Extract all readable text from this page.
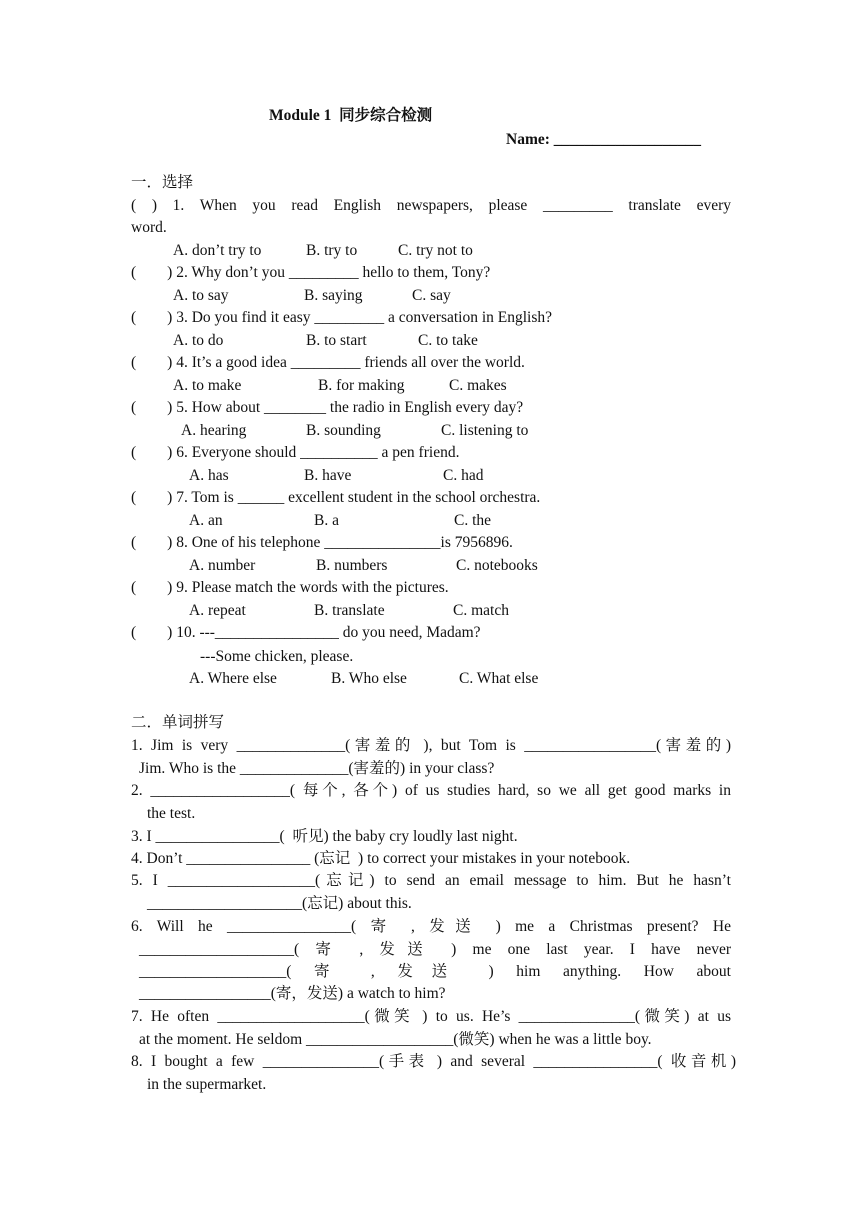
Module 1  同步综合检测
Name: ___________________
一．选择
( ) 1. When you read English newspapers, please _________ translate every
word.
A. don’t try to	B. try to	C. try not to
(        ) 2. Why don’t you _________ hello to them, Tony?
A. to say	B. saying	C. say
(        ) 3. Do you find it easy _________ a conversation in English?
A. to do	B. to start	C. to take
(        ) 4. It’s a good idea _________ friends all over the world.
A. to make	B. for making	C. makes
(        ) 5. How about ________ the radio in English every day?
A. hearing	B. sounding	C. listening to
(        ) 6. Everyone should __________ a pen friend.
A. has	B. have	C. had
(        ) 7. Tom is ______ excellent student in the school orchestra.
A. an	B. a	C. the
(        ) 8. One of his telephone _______________is 7956896.
A. number	B. numbers	C. notebooks
(        ) 9. Please match the words with the pictures.
A. repeat	B. translate	C. match
(        ) 10. ---________________ do you need, Madam?
---Some chicken, please.
A. Where else	B. Who else	C. What else
二．单词拼写
1. Jim is very ______________(害羞的 ), but Tom is _________________(害羞的)
Jim. Who is the ______________(害羞的) in your class?
2. __________________( 每个, 各个) of us studies hard, so we all get good marks in
the test.
3. I ________________(  听见) the baby cry loudly last night.
4. Don’t ________________ (忘记  ) to correct your mistakes in your notebook.
5. I ___________________(忘记) to send an email message to him. But he hasn’t
____________________(忘记) about this.
6. Will he ________________( 寄 , 发送 ) me a Christmas present? He
____________________( 寄 , 发送 ) me one last year. I have never
___________________( 寄 , 发送 ) him anything. How about
_________________(寄，发送) a watch to him?
7. He often ___________________(微笑 ) to us. He’s _______________(微笑) at us
at the moment. He seldom ___________________(微笑) when he was a little boy.
8. I bought a few _______________(手表 ) and several ________________( 收音机)
in the supermarket.
